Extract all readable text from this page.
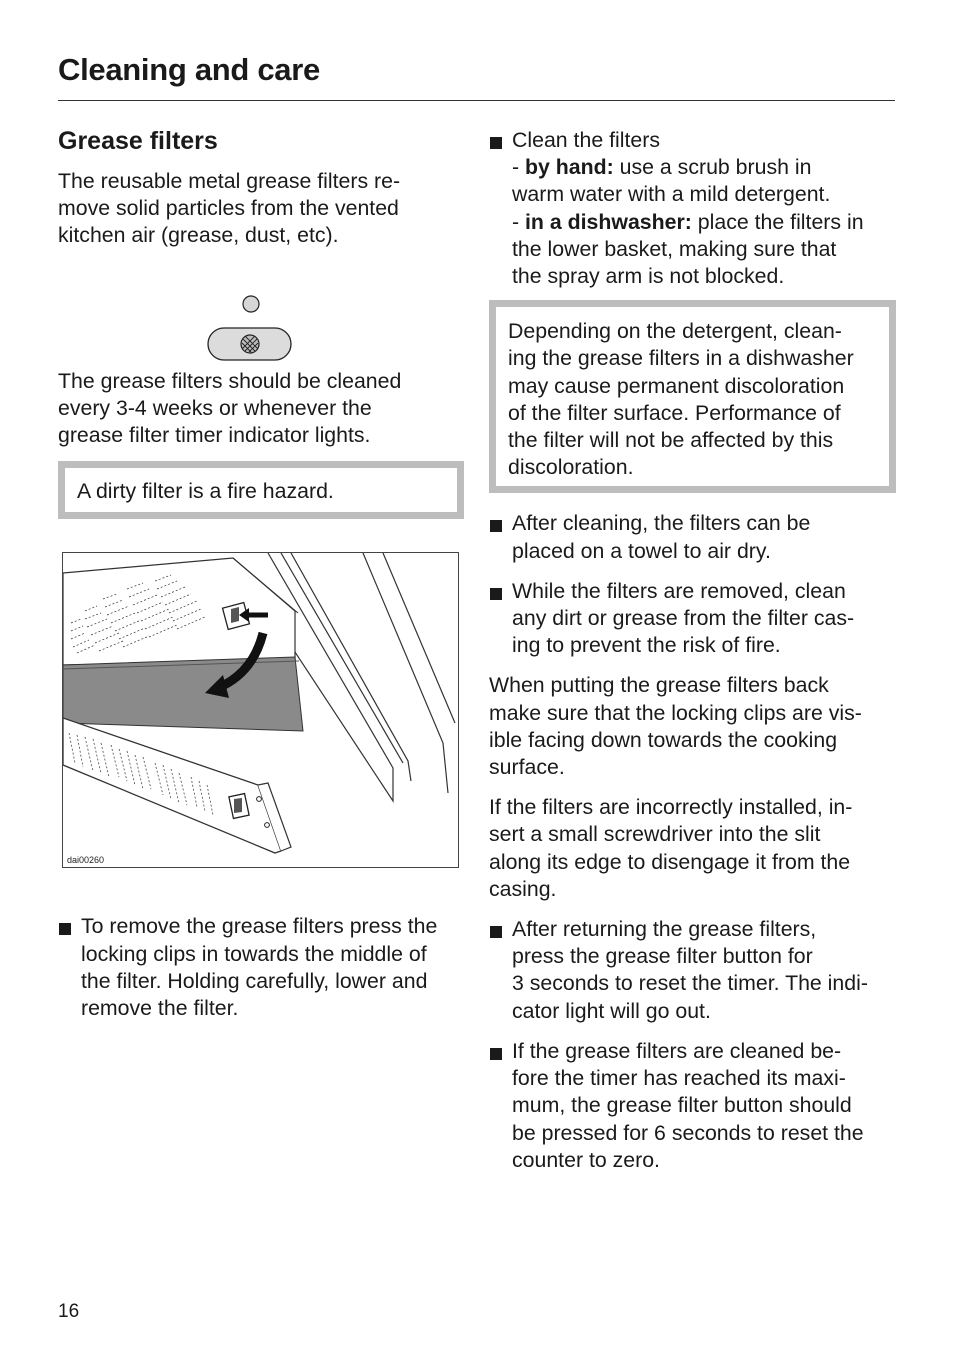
Cleaning and care
Grease filters

The reusable metal grease filters re-
move solid particles from the vented
kitchen air (grease, dust, etc).

The grease filters should be cleaned
every 3-4 weeks or whenever the
grease filter timer indicator lights.

A dirty filter is a fire hazard.

dai00260
To remove the grease filters press the
locking clips in towards the middle of
the filter. Holding carefully, lower and
remove the filter.
Clean the filters
- by hand: use a scrub brush in
warm water with a mild detergent.
- in a dishwasher: place the filters in
the lower basket, making sure that
the spray arm is not blocked.

Depending on the detergent, clean-

ing the grease filters in a dishwasher

may cause permanent discoloration

of the filter surface. Performance of

the filter will not be affected by this

discoloration.

After cleaning, the filters can be
placed on a towel to air dry.
While the filters are removed, clean
any dirt or grease from the filter cas-
ing to prevent the risk of fire.

When putting the grease filters back
make sure that the locking clips are vis-
ible facing down towards the cooking
surface.

If the filters are incorrectly installed, in-
sert a small screwdriver into the slit
along its edge to disengage it from the
casing.

After returning the grease filters,
press the grease filter button for
3 seconds to reset the timer. The indi-
cator light will go out.
If the grease filters are cleaned be-
fore the timer has reached its maxi-
mum, the grease filter button should
be pressed for 6 seconds to reset the
counter to zero.
16
